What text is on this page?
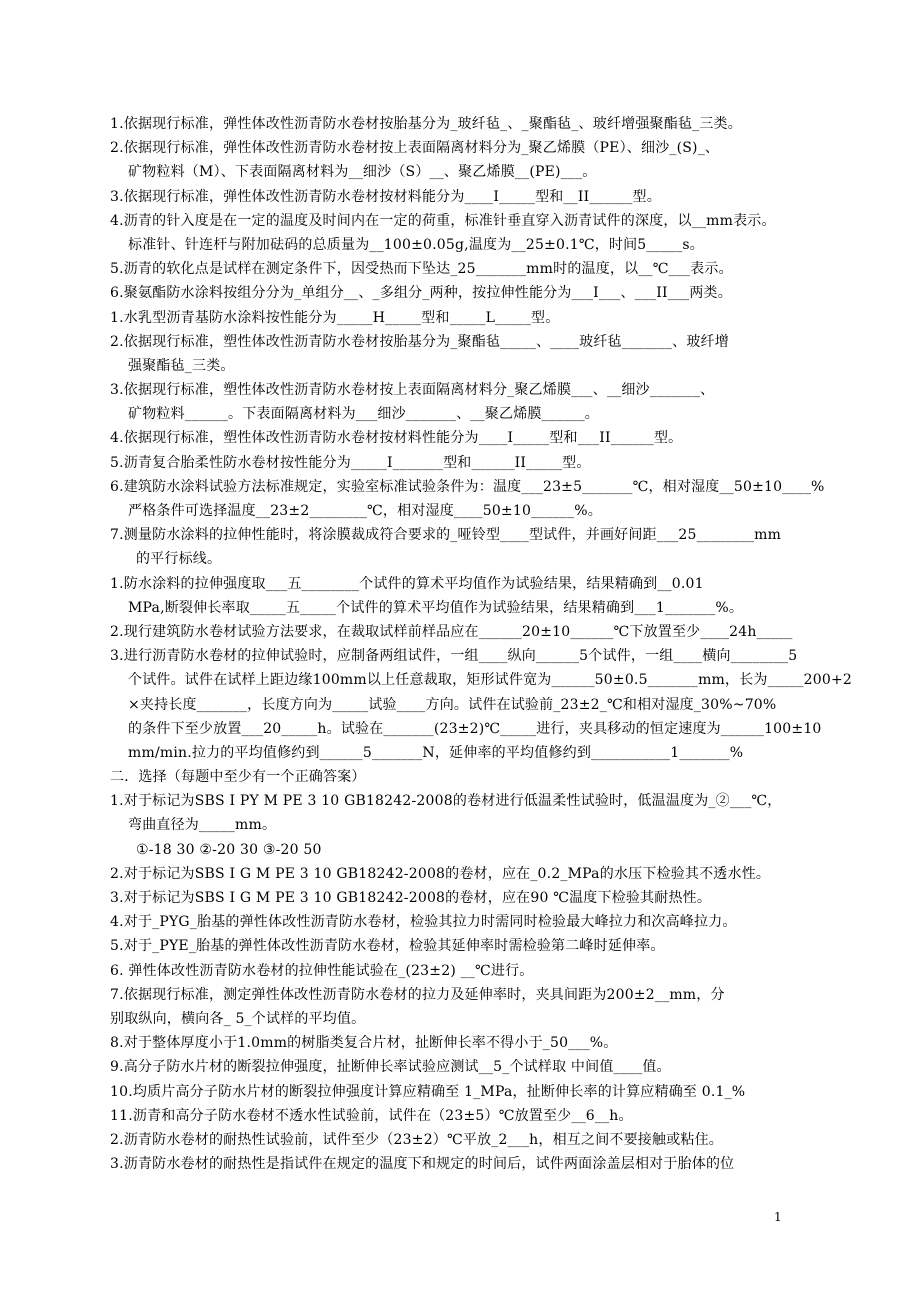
1.依据现行标准，弹性体改性沥青防水卷材按胎基分为_玻纤毡_、_聚酯毡_、玻纤增强聚酯毡_三类。
2.依据现行标准，弹性体改性沥青防水卷材按上表面隔离材料分为_聚乙烯膜（PE）、细沙_(S)_、
矿物粒料（M）、下表面隔离材料为__细沙（S）__、聚乙烯膜__(PE)___。
3.依据现行标准，弹性体改性沥青防水卷材按材料能分为____I_____型和__II______型。
4.沥青的针入度是在一定的温度及时间内在一定的荷重，标准针垂直穿入沥青试件的深度，以__mm表示。
标准针、针连杆与附加砝码的总质量为__100±0.05g,温度为__25±0.1℃，时间5_____s。
5.沥青的软化点是试样在测定条件下，因受热而下坠达_25_______mm时的温度，以__℃___表示。
6.聚氨酯防水涂料按组分分为_单组分__、_多组分_两种，按拉伸性能分为___I___、___II___两类。
1.水乳型沥青基防水涂料按性能分为_____H_____型和_____L_____型。
2.依据现行标准，塑性体改性沥青防水卷材按胎基分为_聚酯毡_____、____玻纤毡_______、玻纤增
强聚酯毡_三类。
3.依据现行标准，塑性体改性沥青防水卷材按上表面隔离材料分_聚乙烯膜___、__细沙_______、
矿物粒料______。下表面隔离材料为___细沙_______、__聚乙烯膜______。
4.依据现行标准，塑性体改性沥青防水卷材按材料性能分为____I_____型和___II______型。
5.沥青复合胎柔性防水卷材按性能分为_____I_______型和______II_____型。
6.建筑防水涂料试验方法标准规定，实验室标准试验条件为：温度___23±5_______℃，相对湿度__50±10____%
严格条件可选择温度__23±2________℃，相对湿度____50±10______%。
7.测量防水涂料的拉伸性能时，将涂膜裁成符合要求的_哑铃型____型试件，并画好间距___25________mm
的平行标线。
1.防水涂料的拉伸强度取___五________个试件的算术平均值作为试验结果，结果精确到__0.01
MPa,断裂伸长率取_____五_____个试件的算术平均值作为试验结果，结果精确到___1_______%。
2.现行建筑防水卷材试验方法要求，在裁取试样前样品应在______20±10______℃下放置至少____24h_____
3.进行沥青防水卷材的拉伸试验时，应制备两组试件，一组____纵向______5个试件，一组____横向________5
个试件。试件在试样上距边缘100mm以上任意裁取，矩形试件宽为______50±0.5_______mm，长为_____200+2
×夹持长度_______，长度方向为_____试验____方向。试件在试验前_23±2_℃和相对湿度_30%~70%
的条件下至少放置___20_____h。试验在_______(23±2)℃_____进行，夹具移动的恒定速度为______100±10
mm/min.拉力的平均值修约到______5_______N，延伸率的平均值修约到___________1_______%
二．选择（每题中至少有一个正确答案）
1.对于标记为SBS I PY M PE 3 10 GB18242-2008的卷材进行低温柔性试验时，低温温度为_②___℃，
弯曲直径为_____mm。
①-18 30 ②-20 30 ③-20 50
2.对于标记为SBS I G M PE 3 10 GB18242-2008的卷材，应在_0.2_MPa的水压下检验其不透水性。
3.对于标记为SBS I G M PE 3 10 GB18242-2008的卷材，应在90 ℃温度下检验其耐热性。
4.对于_PYG_胎基的弹性体改性沥青防水卷材，检验其拉力时需同时检验最大峰拉力和次高峰拉力。
5.对于_PYE_胎基的弹性体改性沥青防水卷材，检验其延伸率时需检验第二峰时延伸率。
6. 弹性体改性沥青防水卷材的拉伸性能试验在_(23±2) __℃进行。
7.依据现行标准，测定弹性体改性沥青防水卷材的拉力及延伸率时，夹具间距为200±2__mm，分
别取纵向，横向各_ 5_个试样的平均值。
8.对于整体厚度小于1.0mm的树脂类复合片材，扯断伸长率不得小于_50___%。
9.高分子防水片材的断裂拉伸强度，扯断伸长率试验应测试__5_个试样取 中间值____值。
10.均质片高分子防水片材的断裂拉伸强度计算应精确至 1_MPa，扯断伸长率的计算应精确至 0.1_%
11.沥青和高分子防水卷材不透水性试验前，试件在（23±5）℃放置至少__6__h。
2.沥青防水卷材的耐热性试验前，试件至少（23±2）℃平放_2___h，相互之间不要接触或粘住。
3.沥青防水卷材的耐热性是指试件在规定的温度下和规定的时间后，试件两面涂盖层相对于胎体的位
1
